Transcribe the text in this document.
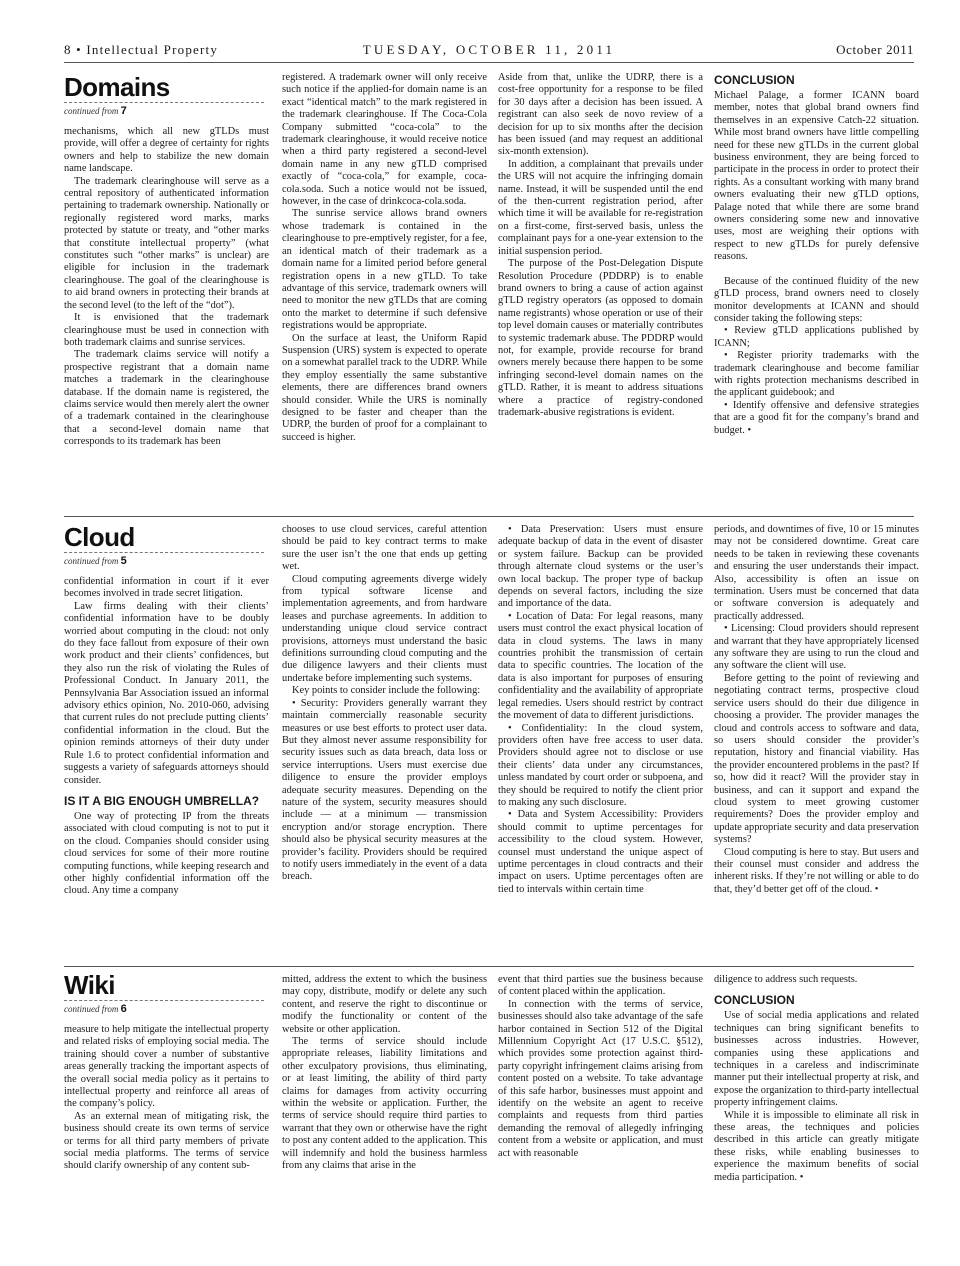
8 • Intellectual Property	TUESDAY, OCTOBER 11, 2011	October 2011
Domains
continued from 7

mechanisms, which all new gTLDs must provide, will offer a degree of certainty for rights owners and help to stabilize the new domain name landscape.

The trademark clearinghouse will serve as a central repository of authenticated information pertaining to trademark ownership. Nationally or regionally registered word marks, marks protected by statute or treaty, and “other marks that constitute intellectual property” (what constitutes such “other marks” is unclear) are eligible for inclusion in the trademark clearinghouse. The goal of the clearinghouse is to aid brand owners in protecting their brands at the second level (to the left of the “dot”).

It is envisioned that the trademark clearinghouse must be used in connection with both trademark claims and sunrise services.

The trademark claims service will notify a prospective registrant that a domain name matches a trademark in the clearinghouse database. If the domain name is registered, the claims service would then merely alert the owner of a trademark contained in the clearinghouse that a second-level domain name that corresponds to its trademark has been

registered. A trademark owner will only receive such notice if the applied-for domain name is an exact “identical match” to the mark registered in the trademark clearinghouse. If The Coca-Cola Company submitted “coca-cola” to the trademark clearinghouse, it would receive notice when a third party registered a second-level domain name in any new gTLD comprised exactly of “coca-cola,” for example, coca-cola.soda. Such a notice would not be issued, however, in the case of drinkcoca-cola.soda.

The sunrise service allows brand owners whose trademark is contained in the clearinghouse to pre-emptively register, for a fee, an identical match of their trademark as a domain name for a limited period before general registration opens in a new gTLD. To take advantage of this service, trademark owners will need to monitor the new gTLDs that are coming onto the market to determine if such defensive registrations would be appropriate.

On the surface at least, the Uniform Rapid Suspension (URS) system is expected to operate on a somewhat parallel track to the UDRP. While they employ essentially the same substantive elements, there are differences brand owners should consider. While the URS is nominally designed to be faster and cheaper than the UDRP, the burden of proof for a complainant to succeed is higher.

Aside from that, unlike the UDRP, there is a cost-free opportunity for a response to be filed for 30 days after a decision has been issued. A registrant can also seek de novo review of a decision for up to six months after the decision has been issued (and may request an additional six-month extension).

In addition, a complainant that prevails under the URS will not acquire the infringing domain name. Instead, it will be suspended until the end of the then-current registration period, after which time it will be available for re-registration on a first-come, first-served basis, unless the complainant pays for a one-year extension to the initial suspension period.

The purpose of the Post-Delegation Dispute Resolution Procedure (PDDRP) is to enable brand owners to bring a cause of action against gTLD registry operators (as opposed to domain name registrants) whose operation or use of their top level domain causes or materially contributes to systemic trademark abuse. The PDDRP would not, for example, provide recourse for brand owners merely because there happen to be some infringing second-level domain names on the gTLD. Rather, it is meant to address situations where a practice of registry-condoned trademark-abusive registrations is evident.

CONCLUSION

Michael Palage, a former ICANN board member, notes that global brand owners find themselves in an expensive Catch-22 situation. While most brand owners have little compelling need for these new gTLDs in the current global business environment, they are being forced to participate in the process in order to protect their rights. As a consultant working with many brand owners evaluating their new gTLD options, Palage noted that while there are some brand owners considering some new and innovative uses, most are weighing their options with respect to new gTLDs for purely defensive reasons.

Because of the continued fluidity of the new gTLD process, brand owners need to closely monitor developments at ICANN and should consider taking the following steps:

• Review gTLD applications published by ICANN;

• Register priority trademarks with the trademark clearinghouse and become familiar with rights protection mechanisms described in the applicant guidebook; and

• Identify offensive and defensive strategies that are a good fit for the company’s brand and budget. •

Cloud
continued from 5

confidential information in court if it ever becomes involved in trade secret litigation.

Law firms dealing with their clients’ confidential information have to be doubly worried about computing in the cloud: not only do they face fallout from exposure of their own work product and their clients’ confidences, but they also run the risk of violating the Rules of Professional Conduct. In January 2011, the Pennsylvania Bar Association issued an informal advisory ethics opinion, No. 2010-060, advising that current rules do not preclude putting clients’ confidential information in the cloud. But the opinion reminds attorneys of their duty under Rule 1.6 to protect confidential information and suggests a variety of safeguards attorneys should consider.

IS IT A BIG ENOUGH UMBRELLA?

One way of protecting IP from the threats associated with cloud computing is not to put it on the cloud. Companies should consider using cloud services for some of their more routine computing functions, while keeping research and other highly confidential information off the cloud. Any time a company

chooses to use cloud services, careful attention should be paid to key contract terms to make sure the user isn’t the one that ends up getting wet.

Cloud computing agreements diverge widely from typical software license and implementation agreements, and from hardware leases and purchase agreements. In addition to understanding unique cloud service contract provisions, attorneys must understand the basic definitions surrounding cloud computing and the due diligence lawyers and their clients must undertake before implementing such systems.

Key points to consider include the following:

• Security: Providers generally warrant they maintain commercially reasonable security measures or use best efforts to protect user data. But they almost never assume responsibility for security issues such as data breach, data loss or service interruptions. Users must exercise due diligence to ensure the provider employs adequate security measures. Depending on the nature of the system, security measures should include — at a minimum — transmission encryption and/or storage encryption. There should also be physical security measures at the provider’s facility. Providers should be required to notify users immediately in the event of a data breach.

• Data Preservation: Users must ensure adequate backup of data in the event of disaster or system failure. Backup can be provided through alternate cloud systems or the user’s own local backup. The proper type of backup depends on several factors, including the size and importance of the data.

• Location of Data: For legal reasons, many users must control the exact physical location of data in cloud systems. The laws in many countries prohibit the transmission of certain data to specific countries. The location of the data is also important for purposes of ensuring confidentiality and the availability of appropriate legal remedies. Users should restrict by contract the movement of data to different jurisdictions.

• Confidentiality: In the cloud system, providers often have free access to user data. Providers should agree not to disclose or use their clients’ data under any circumstances, unless mandated by court order or subpoena, and they should be required to notify the client prior to making any such disclosure.

• Data and System Accessibility: Providers should commit to uptime percentages for accessibility to the cloud system. However, counsel must understand the unique aspect of uptime percentages in cloud contracts and their impact on users. Uptime percentages often are tied to intervals within certain time

periods, and downtimes of five, 10 or 15 minutes may not be considered downtime. Great care needs to be taken in reviewing these covenants and ensuring the user understands their impact. Also, accessibility is often an issue on termination. Users must be concerned that data or software conversion is adequately and practically addressed.

• Licensing: Cloud providers should represent and warrant that they have appropriately licensed any software they are using to run the cloud and any software the client will use.

Before getting to the point of reviewing and negotiating contract terms, prospective cloud service users should do their due diligence in choosing a provider. The provider manages the cloud and controls access to software and data, so users should consider the provider’s reputation, history and financial viability. Has the provider encountered problems in the past? If so, how did it react? Will the provider stay in business, and can it support and expand the cloud system to meet growing customer requirements? Does the provider employ and update appropriate security and data preservation systems?

Cloud computing is here to stay. But users and their counsel must consider and address the inherent risks. If they’re not willing or able to do that, they’d better get off of the cloud. •

Wiki
continued from 6

measure to help mitigate the intellectual property and related risks of employing social media. The training should cover a number of substantive areas generally tracking the important aspects of the overall social media policy as it pertains to intellectual property and reinforce all areas of the company’s policy.

As an external mean of mitigating risk, the business should create its own terms of service or terms for all third party members of private social media platforms. The terms of service should clarify ownership of any content sub-

mitted, address the extent to which the business may copy, distribute, modify or delete any such content, and reserve the right to discontinue or modify the functionality or content of the website or other application.

The terms of service should include appropriate releases, liability limitations and other exculpatory provisions, thus eliminating, or at least limiting, the ability of third party claims for damages from activity occurring within the website or application. Further, the terms of service should require third parties to warrant that they own or otherwise have the right to post any content added to the application. This will indemnify and hold the business harmless from any claims that arise in the

event that third parties sue the business because of content placed within the application.

In connection with the terms of service, businesses should also take advantage of the safe harbor contained in Section 512 of the Digital Millennium Copyright Act (17 U.S.C. §512), which provides some protection against third-party copyright infringement claims arising from content posted on a website. To take advantage of this safe harbor, businesses must appoint and identify on the website an agent to receive complaints and requests from third parties demanding the removal of allegedly infringing content from a website or application, and must act with reasonable

diligence to address such requests.

CONCLUSION

Use of social media applications and related techniques can bring significant benefits to businesses across industries. However, companies using these applications and techniques in a careless and indiscriminate manner put their intellectual property at risk, and expose the organization to third-party intellectual property infringement claims.

While it is impossible to eliminate all risk in these areas, the techniques and policies described in this article can greatly mitigate these risks, while enabling businesses to experience the maximum benefits of social media participation. •
